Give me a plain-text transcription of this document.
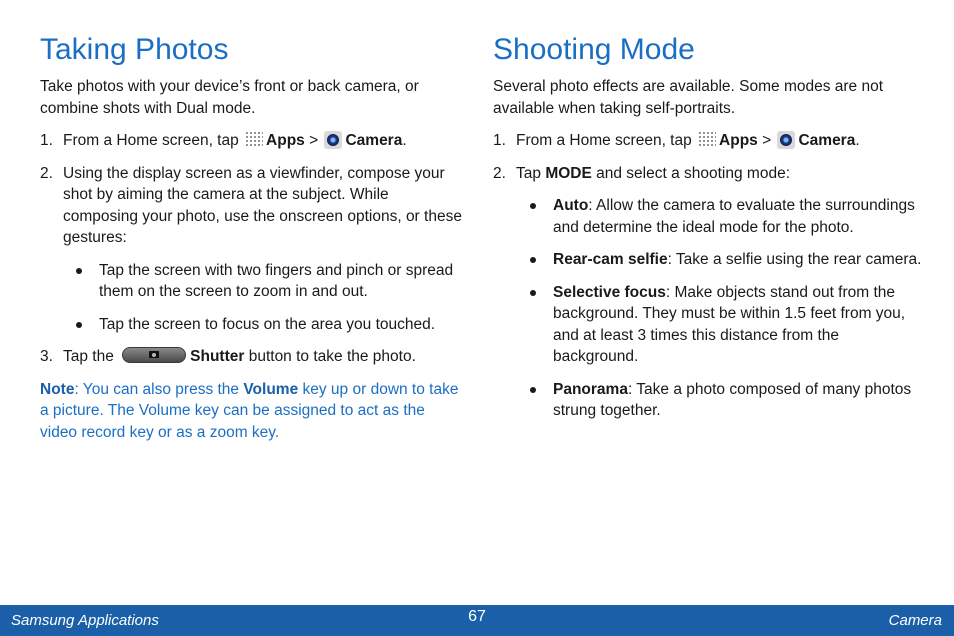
Taking Photos

Take photos with your device’s front or back camera, or combine shots with Dual mode.

1. From a Home screen, tap Apps > Camera.
2. Using the display screen as a viewfinder, compose your shot by aiming the camera at the subject. While composing your photo, use the onscreen options, or these gestures:
Tap the screen with two fingers and pinch or spread them on the screen to zoom in and out.
Tap the screen to focus on the area you touched.
3. Tap the	Shutter button to take the photo.

Note: You can also press the Volume key up or down to take a picture. The Volume key can be assigned to act as the video record key or as a zoom key.

Shooting Mode

Several photo effects are available. Some modes are not available when taking self-portraits.

1. From a Home screen, tap Apps > Camera.
2. Tap MODE and select a shooting mode:
Auto: Allow the camera to evaluate the surroundings and determine the ideal mode for the photo.
Rear-cam selfie: Take a selfie using the rear camera.
Selective focus: Make objects stand out from the background. They must be within 1.5 feet from you, and at least 3 times this distance from the background.
Panorama: Take a photo composed of many photos strung together.
Samsung Applications	67	Camera
